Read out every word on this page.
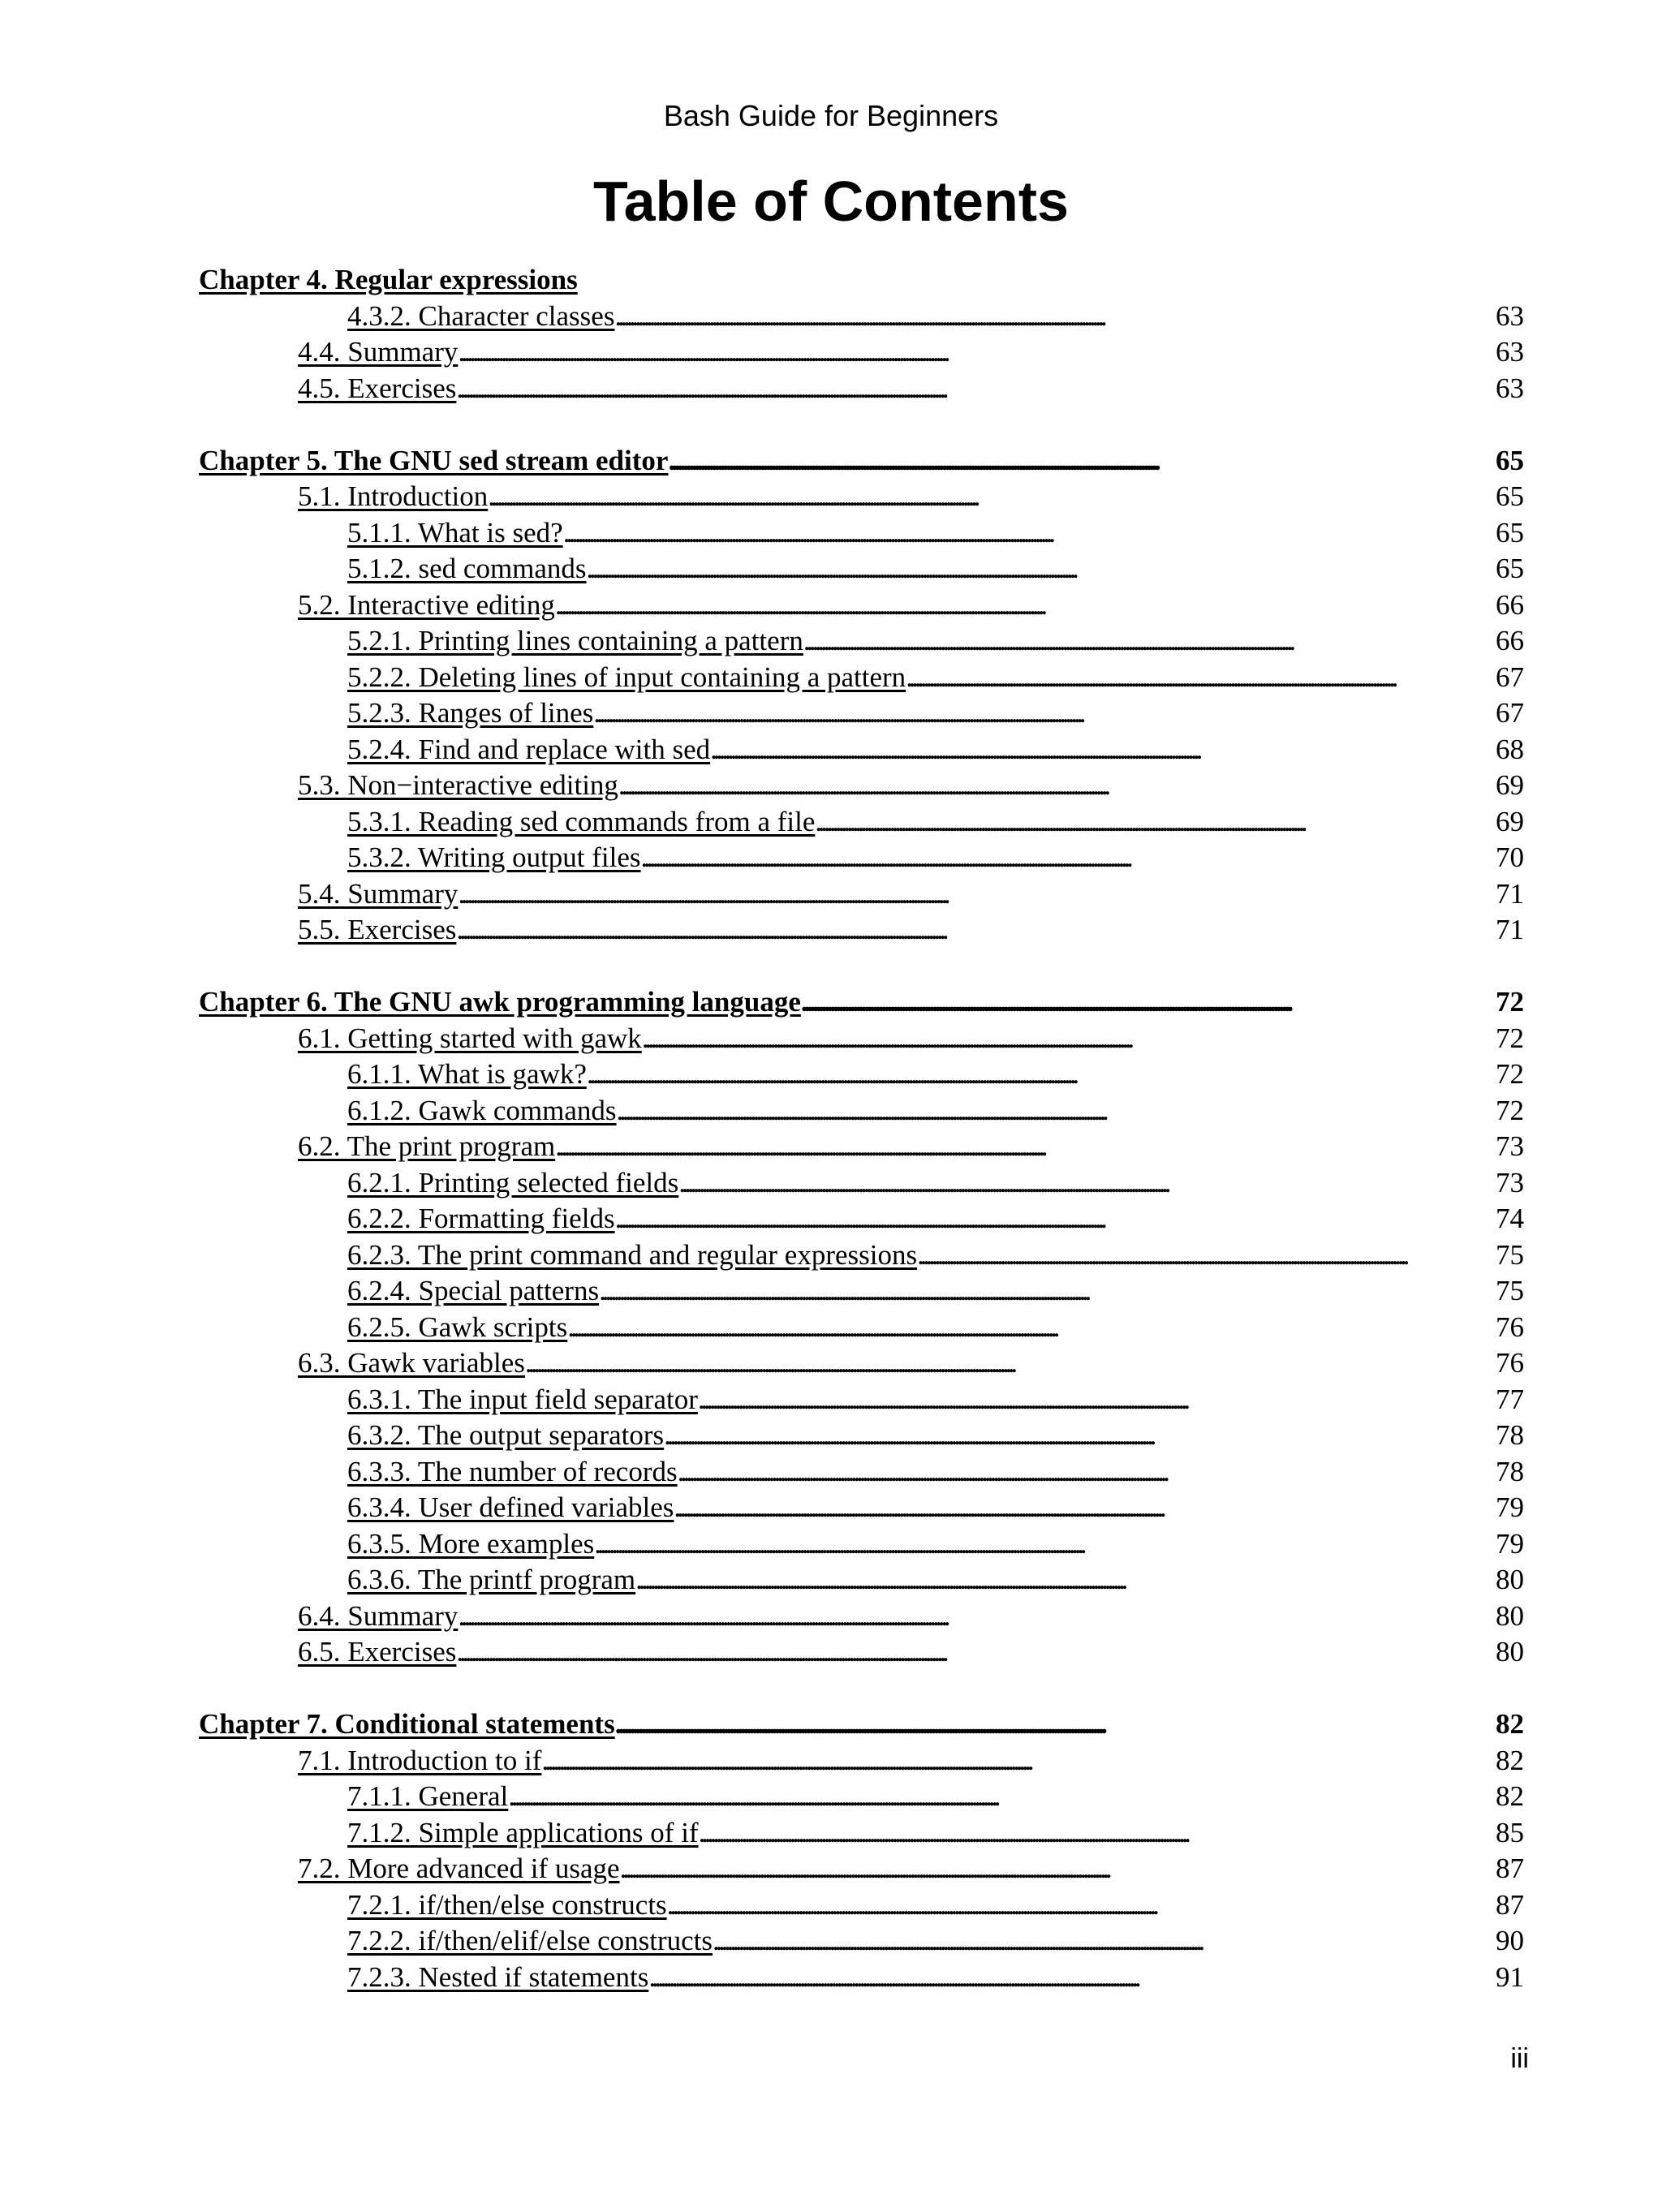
Bash Guide for Beginners
Table of Contents
Chapter 4. Regular expressions
4.3.2. Character classes . . .	63
4.4. Summary . . .	63
4.5. Exercises . . .	63
Chapter 5. The GNU sed stream editor . . .	65
5.1. Introduction . . .	65
5.1.1. What is sed? . . .	65
5.1.2. sed commands . . .	65
5.2. Interactive editing . . .	66
5.2.1. Printing lines containing a pattern . . .	66
5.2.2. Deleting lines of input containing a pattern . . .	67
5.2.3. Ranges of lines . . .	67
5.2.4. Find and replace with sed . . .	68
5.3. Non−interactive editing . . .	69
5.3.1. Reading sed commands from a file . . .	69
5.3.2. Writing output files . . .	70
5.4. Summary . . .	71
5.5. Exercises . . .	71
Chapter 6. The GNU awk programming language . . .	72
6.1. Getting started with gawk . . .	72
6.1.1. What is gawk? . . .	72
6.1.2. Gawk commands . . .	72
6.2. The print program . . .	73
6.2.1. Printing selected fields . . .	73
6.2.2. Formatting fields . . .	74
6.2.3. The print command and regular expressions . . .	75
6.2.4. Special patterns . . .	75
6.2.5. Gawk scripts . . .	76
6.3. Gawk variables . . .	76
6.3.1. The input field separator . . .	77
6.3.2. The output separators . . .	78
6.3.3. The number of records . . .	78
6.3.4. User defined variables . . .	79
6.3.5. More examples . . .	79
6.3.6. The printf program . . .	80
6.4. Summary . . .	80
6.5. Exercises . . .	80
Chapter 7. Conditional statements . . .	82
7.1. Introduction to if . . .	82
7.1.1. General . . .	82
7.1.2. Simple applications of if . . .	85
7.2. More advanced if usage . . .	87
7.2.1. if/then/else constructs . . .	87
7.2.2. if/then/elif/else constructs . . .	90
7.2.3. Nested if statements . . .	91
iii
